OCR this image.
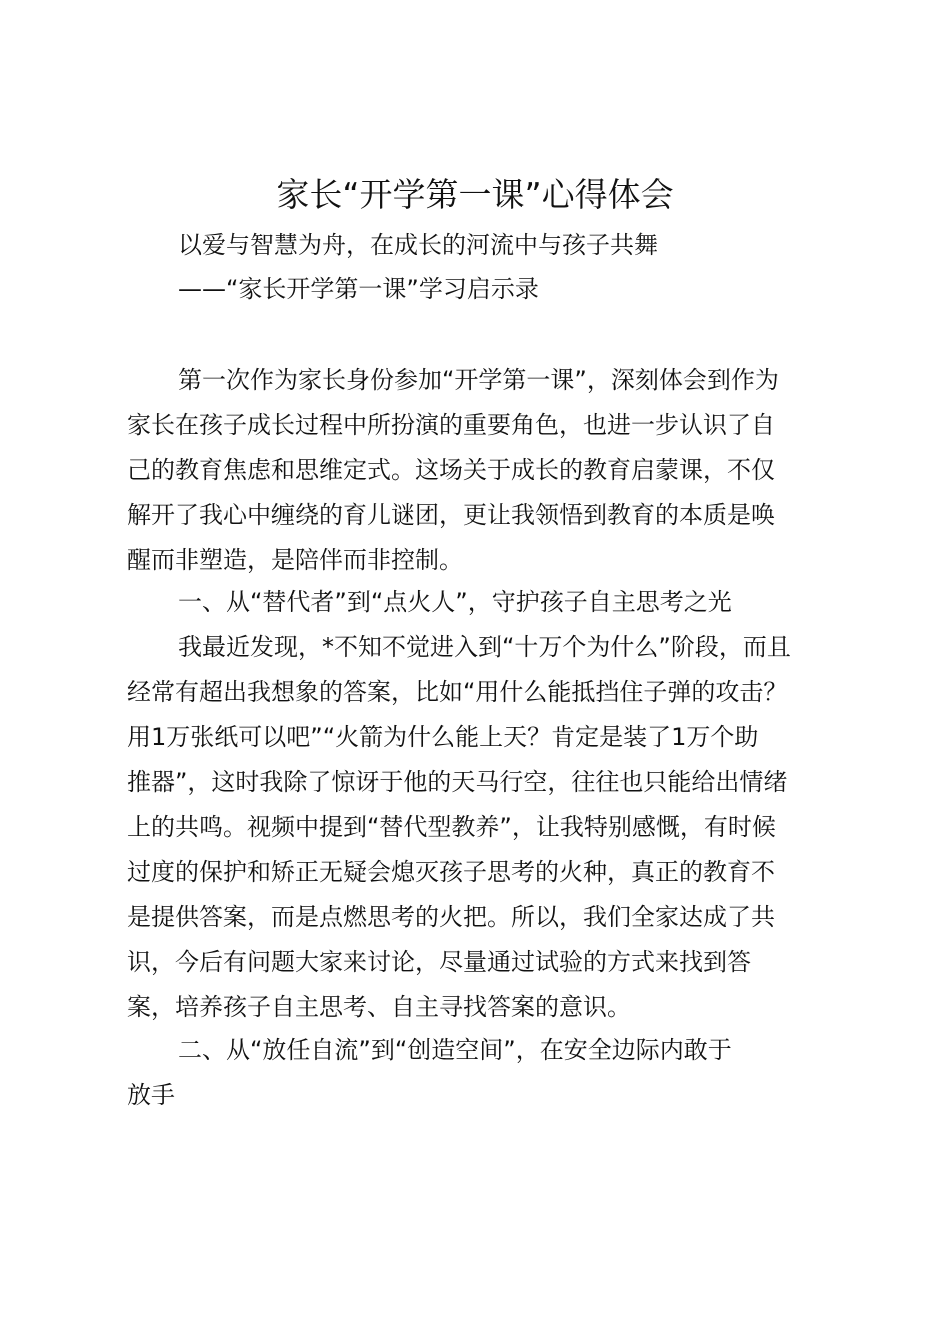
家长“开学第一课”心得体会

以爱与智慧为舟，在成长的河流中与孩子共舞

——“家长开学第一课”学习启示录

第一次作为家长身份参加“开学第一课”，深刻体会到作为
家长在孩子成长过程中所扮演的重要角色，也进一步认识了自
己的教育焦虑和思维定式。这场关于成长的教育启蒙课，不仅
解开了我心中缠绕的育儿谜团，更让我领悟到教育的本质是唤
醒而非塑造，是陪伴而非控制。
一、从“替代者”到“点火人”，守护孩子自主思考之光
我最近发现，*不知不觉进入到“十万个为什么”阶段，而且
经常有超出我想象的答案，比如“用什么能抵挡住子弹的攻击？
用1万张纸可以吧”“火箭为什么能上天？肯定是装了1万个助
推器”，这时我除了惊讶于他的天马行空，往往也只能给出情绪
上的共鸣。视频中提到“替代型教养”，让我特别感慨，有时候
过度的保护和矫正无疑会熄灭孩子思考的火种，真正的教育不
是提供答案，而是点燃思考的火把。所以，我们全家达成了共
识，今后有问题大家来讨论，尽量通过试验的方式来找到答
案，培养孩子自主思考、自主寻找答案的意识。
二、从“放任自流”到“创造空间”，在安全边际内敢于
放手
